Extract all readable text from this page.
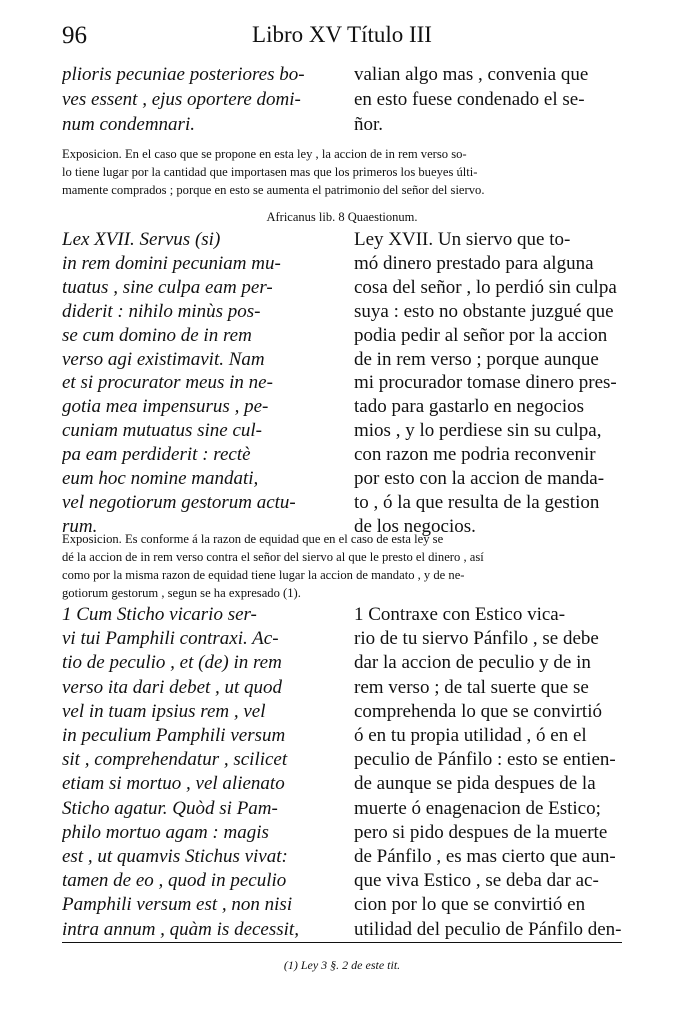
96	Libro XV Título III
plioris pecuniae posteriores bo-
ves essent , ejus oportere domi-
num condemnari.
valian algo mas , convenia que
en esto fuese condenado el se-
ñor.
Exposicion. En el caso que se propone en esta ley , la accion de in rem verso so-
lo tiene lugar por la cantidad que importasen mas que los primeros los bueyes últi-
mamente comprados ; porque en esto se aumenta el patrimonio del señor del siervo.
Africanus lib. 8 Quaestionum.
Lex XVII. Servus (si)
in rem domini pecuniam mu-
tuatus , sine culpa eam per-
diderit : nihilo minùs pos-
se cum domino de in rem
verso agi existimavit. Nam
et si procurator meus in ne-
gotia mea impensurus , pe-
cuniam mutuatus sine cul-
pa eam perdiderit : rectè
eum hoc nomine mandati,
vel negotiorum gestorum actu-
rum.
Ley XVII. Un siervo que to-
mó dinero prestado para alguna
cosa del señor , lo perdió sin culpa
suya : esto no obstante juzgué que
podia pedir al señor por la accion
de in rem verso ; porque aunque
mi procurador tomase dinero pres-
tado para gastarlo en negocios
mios , y lo perdiese sin su culpa,
con razon me podria reconvenir
por esto con la accion de manda-
to , ó la que resulta de la gestion
de los negocios.
Exposicion. Es conforme á la razon de equidad que en el caso de esta ley se
dé la accion de in rem verso contra el señor del siervo al que le presto el dinero , así
como por la misma razon de equidad tiene lugar la accion de mandato , y de ne-
gotiorum gestorum , segun se ha expresado (1).
1 Cum Sticho vicario ser-
vi tui Pamphili contraxi. Ac-
tio de peculio , et (de) in rem
verso ita dari debet , ut quod
vel in tuam ipsius rem , vel
in peculium Pamphili versum
sit , comprehendatur , scilicet
etiam si mortuo , vel alienato
Sticho agatur. Quòd si Pam-
philo mortuo agam : magis
est , ut quamvis Stichus vivat:
tamen de eo , quod in peculio
Pamphili versum est , non nisi
intra annum , quàm is decessit,
1 Contraxe con Estico vica-
rio de tu siervo Pánfilo , se debe
dar la accion de peculio y de in
rem verso ; de tal suerte que se
comprehenda lo que se convirtió
ó en tu propia utilidad , ó en el
peculio de Pánfilo : esto se entien-
de aunque se pida despues de la
muerte ó enagenacion de Estico;
pero si pido despues de la muerte
de Pánfilo , es mas cierto que aun-
que viva Estico , se deba dar ac-
cion por lo que se convirtió en
utilidad del peculio de Pánfilo den-
(1) Ley 3 §. 2 de este tit.
